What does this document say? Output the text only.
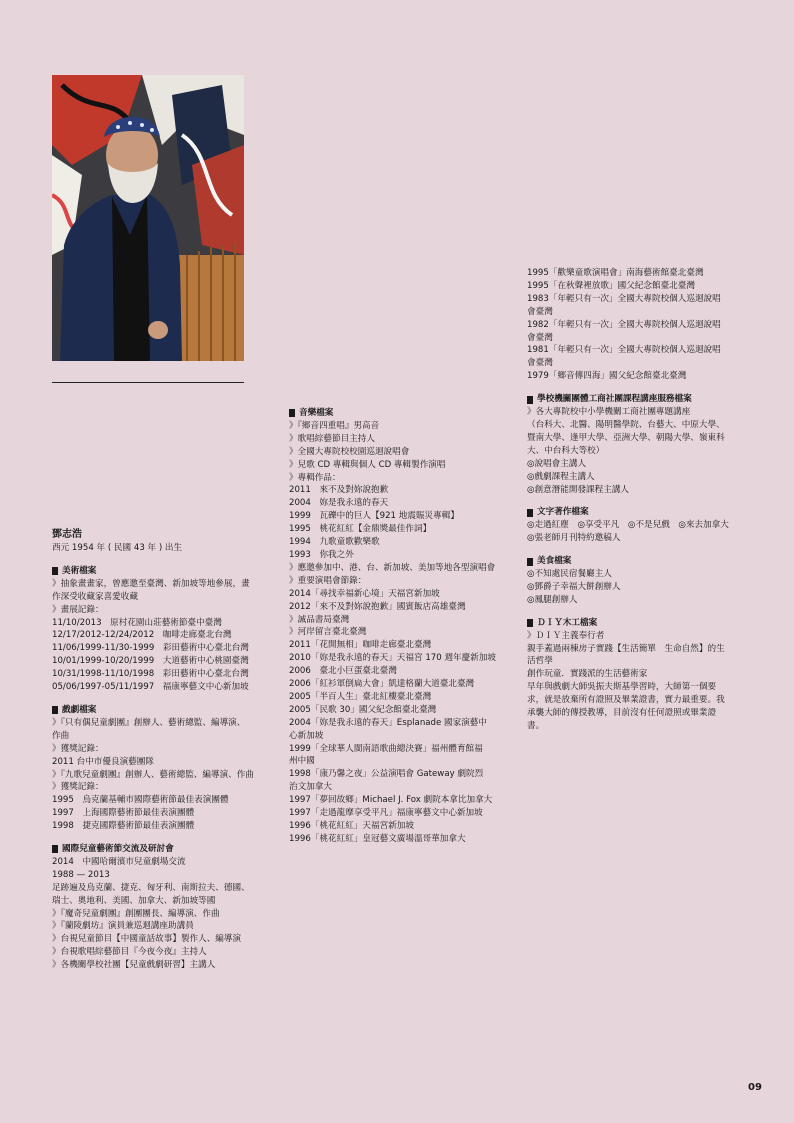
鄧志浩
西元 1954 年 ( 民國 43 年 ) 出生
美術檔案
》抽象畫畫家，曾應邀至臺灣、新加坡等地參展，畫
作深受收藏家喜愛收藏
》畫展記錄：
11/10/2013　原村花園山莊藝術節臺中臺灣
12/17/2012-12/24/2012　咖啡走廊臺北台灣
11/06/1999-11/30-1999　彩田藝術中心臺北台灣
10/01/1999-10/20/1999　大道藝術中心桃園臺灣
10/31/1998-11/10/1998　彩田藝術中心臺北台灣
05/06/1997-05/11/1997　福康寧藝文中心新加坡
戲劇檔案
》『只有偶兒童劇團』創辦人、藝術總監、編導演、
作曲
》獲獎記錄：
2011 台中市優良演藝團隊
》『九歌兒童劇團』創辦人、藝術總監、編導演、作曲
》獲獎記錄：
1995　烏克蘭基輔市國際藝術節最佳表演團體
1997　上海國際藝術節最佳表演團體
1998　捷克國際藝術節最佳表演團體
國際兒童藝術節交流及研討會
2014　中國哈爾濱市兒童劇場交流
1988 — 2013
足跡遍及烏克蘭、捷克、匈牙利、南斯拉夫、德國、
瑞士、奧地利、美國、加拿大、新加坡等國
》『魔奇兒童劇團』創團團長、編導演、作曲
》『蘭陵劇坊』演員兼巡迴講座助講員
》台視兒童節目【中國童話故事】製作人、編導演
》台視歌唱綜藝節目『今夜今夜』主持人
》各機關學校社團【兒童戲劇研習】主講人
音樂檔案
》『鄉音四重唱』男高音
》歌唱綜藝節目主持人
》全國大專院校校園巡迴說唱會
》兒歌 CD 專輯與個人 CD 專輯製作演唱
》專輯作品：
2011　來不及對妳說抱歉
2004　妳是我永遠的春天
1999　瓦礫中的巨人【921 地震賑災專輯】
1995　桃花紅紅【金鼎獎最佳作詞】
1994　九歌童歌歡樂歌
1993　你我之外
》應邀參加中、港、台、新加坡、美加等地各型演唱會
》重要演唱會節錄：
2014「尋找幸福新心境」天福宮新加坡
2012「來不及對妳說抱歉」國賓飯店高雄臺灣
》誠品書局臺灣
》河岸留言臺北臺灣
2011「花開無相」咖啡走廊臺北臺灣
2010「妳是我永遠的春天」天福宮 170 週年慶新加坡
2006　臺北小巨蛋臺北臺灣
2006「紅衫軍倒扁大會」凱達格蘭大道臺北臺灣
2005「半百人生」臺北紅樓臺北臺灣
2005「民歌 30」國父紀念館臺北臺灣
2004「妳是我永遠的春天」Esplanade 國家演藝中
心新加坡
1999「全球華人閩南語歌曲總決賽」福州體育館福
州中國
1998「康乃馨之夜」公益演唱會 Gateway 劇院烈
治文加拿大
1997「夢回故鄉」Michael J. Fox 劇院本拿比加拿大
1997「走過龍摩享受平凡」福康寧藝文中心新加坡
1996「桃花紅紅」天福宮新加坡
1996「桃花紅紅」皇冠藝文廣場溫哥華加拿大
1995「歡樂童歌演唱會」南海藝術館臺北臺灣
1995「在秋聲裡放歌」國父紀念館臺北臺灣
1983「年輕只有一次」全國大專院校個人巡迴說唱
會臺灣
1982「年輕只有一次」全國大專院校個人巡迴說唱
會臺灣
1981「年輕只有一次」全國大專院校個人巡迴說唱
會臺灣
1979「鄉音傳四海」國父紀念館臺北臺灣
學校機關團體工商社團課程講座服務檔案
》各大專院校中小學機關工商社團專題講座
（台科大、北醫、陽明醫學院、台藝大、中原大學、
暨南大學、逢甲大學、亞洲大學、朝陽大學、嶺東科
大、中台科大等校）
◎說唱會主講人
◎戲劇課程主講人
◎創意潛能開發課程主講人
文字著作檔案
◎走過紅塵　◎享受平凡　◎不是兒戲　◎來去加拿大
◎張老師月刊特約邀稿人
美食檔案
◎不知處民宿餐廳主人
◎鄧爵子幸福大餅創辦人
◎鳳腿創辦人
ＤＩＹ木工檔案
》ＤＩＹ主義奉行者
親手蓋過兩棟房子實踐【生活簡單　生命自然】的生
活哲學
創作玩童．實踐派的生活藝術家
早年與戲劇大師吳振夫斯基學習時，大師第一個要
求，就是放棄所有證照及畢業證書，實力最重要。我
承襲大師的傳授教導，目前沒有任何證照或畢業證
書。
09
